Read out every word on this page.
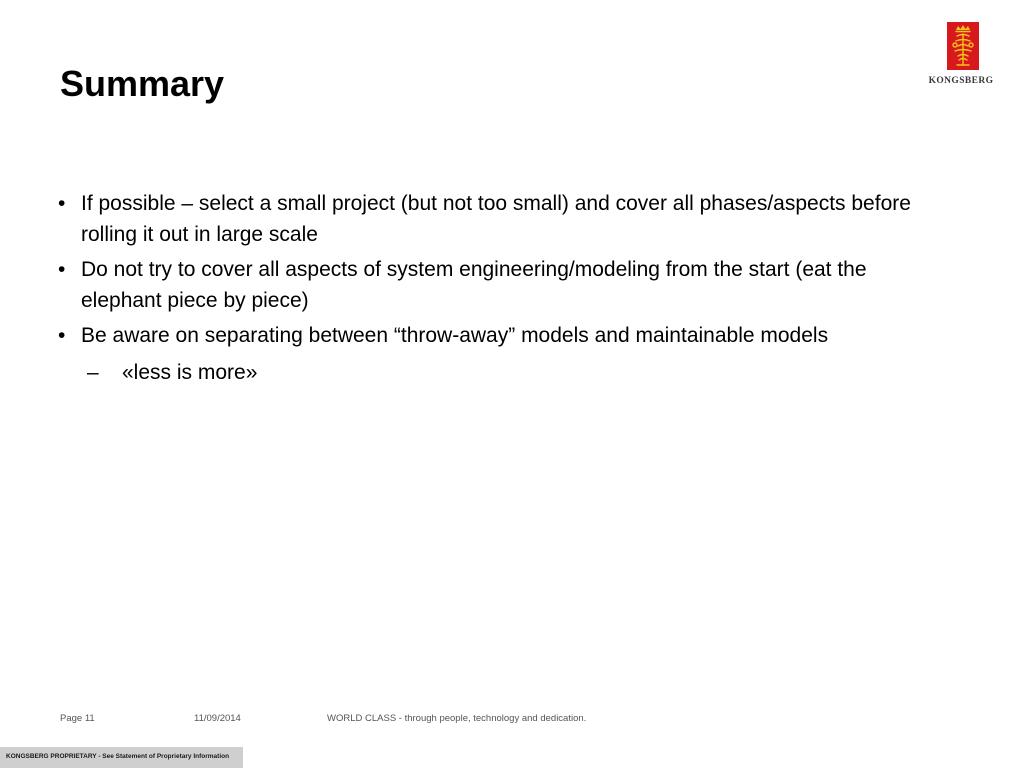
Summary	KONGSBERG
• If possible – select a small project (but not too small) and cover all phases/aspects before rolling it out in large scale
• Do not try to cover all aspects of system engineering/modeling from the start (eat the elephant piece by piece)
• Be aware on separating between “throw-away” models and maintainable models
– «less is more»
Page 11	11/09/2014	WORLD CLASS - through people, technology and dedication.
KONGSBERG PROPRIETARY - See Statement of Proprietary Information
